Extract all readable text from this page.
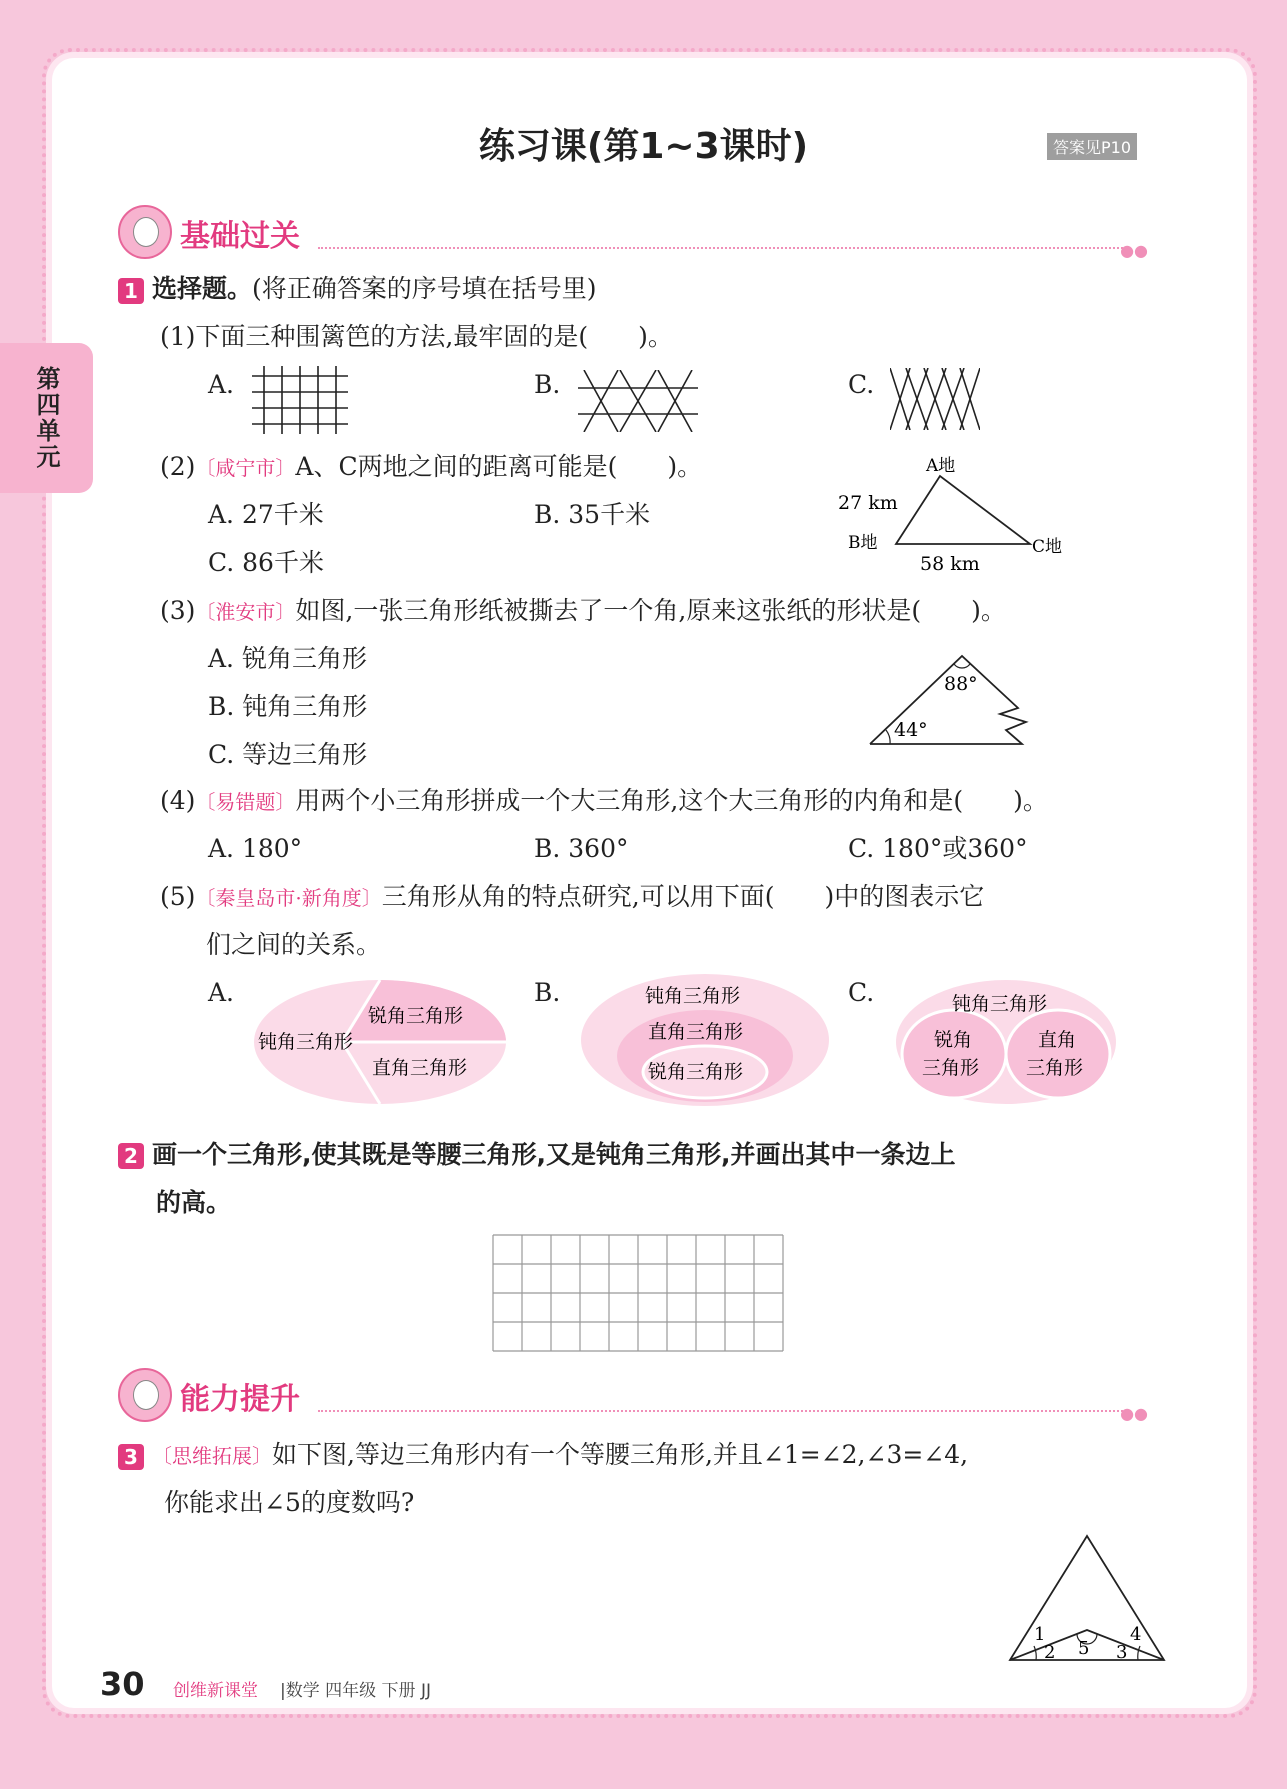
第四单元
练习课(第1~3课时)	答案见P10
基础过关	●●
1 选择题。(将正确答案的序号填在括号里)
(1)下面三种围篱笆的方法,最牢固的是(　　)。
A.	B.	C.
(2)〔咸宁市〕A、C两地之间的距离可能是(　　)。
A. 27千米	B. 35千米
C. 86千米
A地
B地	C地
27 km
58 km
(3)〔淮安市〕如图,一张三角形纸被撕去了一个角,原来这张纸的形状是(　　)。
A. 锐角三角形
B. 钝角三角形
C. 等边三角形
88°
44°
(4)〔易错题〕用两个小三角形拼成一个大三角形,这个大三角形的内角和是(　　)。
A. 180°	B. 360°	C. 180°或360°
(5)〔秦皇岛市·新角度〕三角形从角的特点研究,可以用下面(　　)中的图表示它
们之间的关系。
A.
钝角三角形
锐角三角形
直角三角形
B.	钝角三角形
直角三角形
锐角三角形
C.	钝角三角形
锐角
三角形
直角
三角形
2 画一个三角形,使其既是等腰三角形,又是钝角三角形,并画出其中一条边上
的高。
能力提升	●●
3 〔思维拓展〕如下图,等边三角形内有一个等腰三角形,并且∠1=∠2,∠3=∠4,
你能求出∠5的度数吗?
1
2 5 3
4
30 创维新课堂 |数学 四年级 下册 JJ
